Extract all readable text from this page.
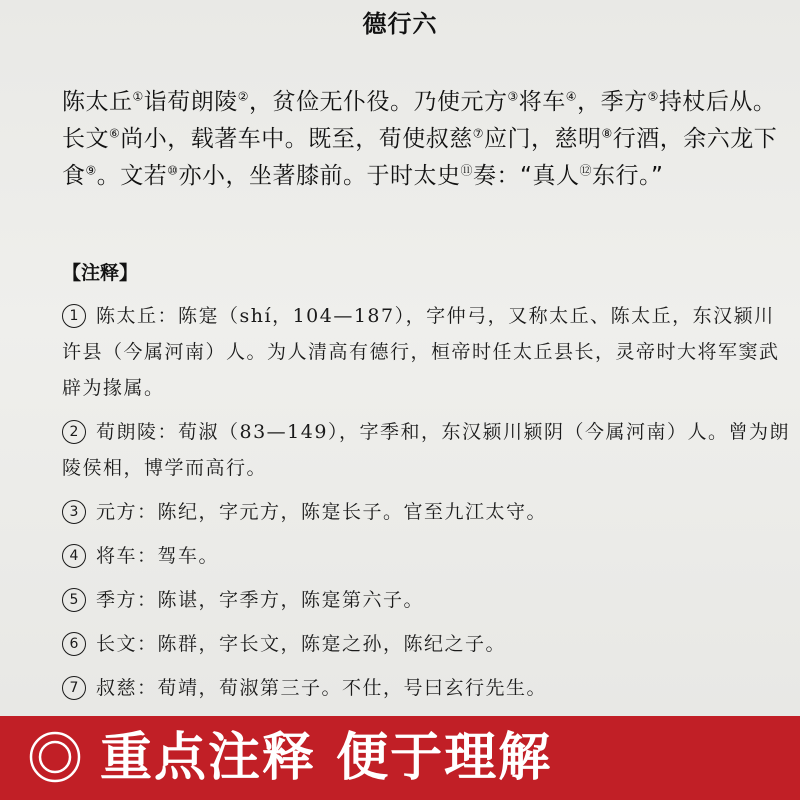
德行六
陈太丘①诣荀朗陵②，贫俭无仆役。乃使元方③将车④，季方⑤持杖后从。长文⑥尚小，载著车中。既至，荀使叔慈⑦应门，慈明⑧行酒，余六龙下食⑨。文若⑩亦小，坐著膝前。于时太史⑪奏：“真人⑫东行。”
【注释】

1 陈太丘：陈寔（shí，104—187），字仲弓，又称太丘、陈太丘，东汉颍川许县（今属河南）人。为人清高有德行，桓帝时任太丘县长，灵帝时大将军窦武辟为掾属。

2 荀朗陵：荀淑（83—149），字季和，东汉颍川颍阴（今属河南）人。曾为朗陵侯相，博学而高行。

3 元方：陈纪，字元方，陈寔长子。官至九江太守。

4 将车：驾车。

5 季方：陈谌，字季方，陈寔第六子。

6 长文：陈群，字长文，陈寔之孙，陈纪之子。

7 叔慈：荀靖，荀淑第三子。不仕，号曰玄行先生。

重点注释 便于理解
